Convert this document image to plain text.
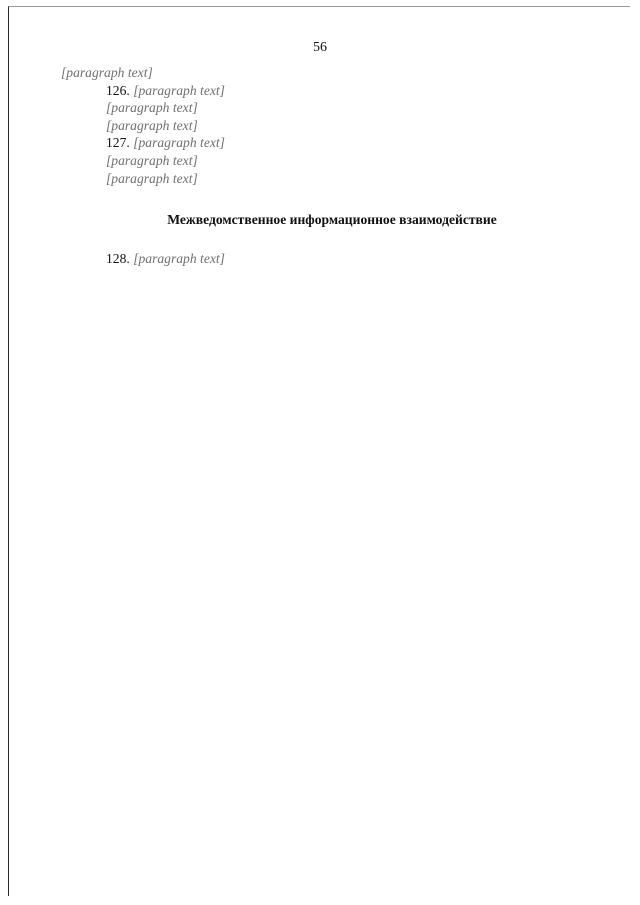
56

[paragraph text]

126. [paragraph text]

[paragraph text]

[paragraph text]

127. [paragraph text]

[paragraph text]

[paragraph text]

Межведомственное информационное взаимодействие

128. [paragraph text]
